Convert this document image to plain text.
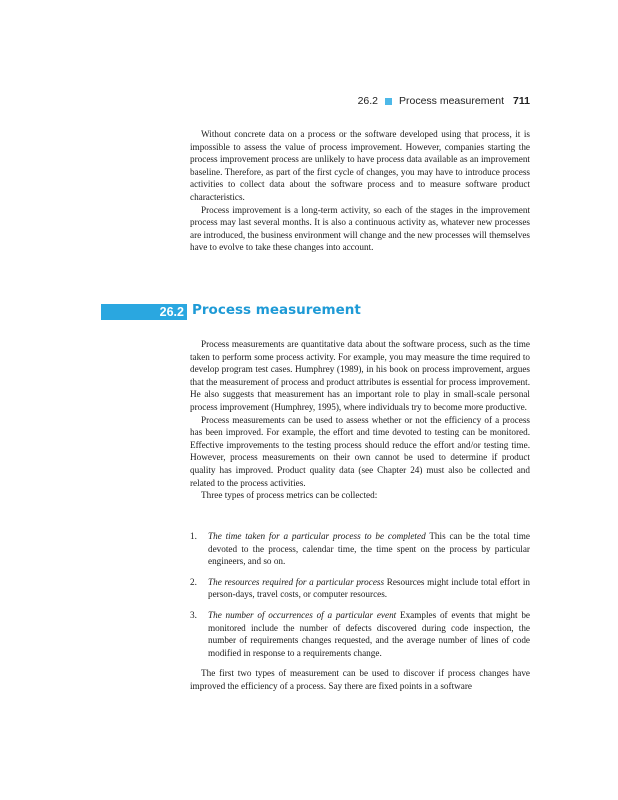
26.2 Process measurement 711

Without concrete data on a process or the software developed using that process, it is impossible to assess the value of process improvement. However, companies starting the process improvement process are unlikely to have process data available as an improvement baseline. Therefore, as part of the first cycle of changes, you may have to introduce process activities to collect data about the software process and to measure software product characteristics.

Process improvement is a long-term activity, so each of the stages in the improvement process may last several months. It is also a continuous activity as, whatever new processes are introduced, the business environment will change and the new processes will themselves have to evolve to take these changes into account.

26.2 Process measurement

Process measurements are quantitative data about the software process, such as the time taken to perform some process activity. For example, you may measure the time required to develop program test cases. Humphrey (1989), in his book on process improvement, argues that the measurement of process and product attributes is essential for process improvement. He also suggests that measurement has an important role to play in small-scale personal process improvement (Humphrey, 1995), where individuals try to become more productive.

Process measurements can be used to assess whether or not the efficiency of a process has been improved. For example, the effort and time devoted to testing can be monitored. Effective improvements to the testing process should reduce the effort and/or testing time. However, process measurements on their own cannot be used to determine if product quality has improved. Product quality data (see Chapter 24) must also be collected and related to the process activities.

Three types of process metrics can be collected:

1. The time taken for a particular process to be completed This can be the total time devoted to the process, calendar time, the time spent on the process by particular engineers, and so on.
2. The resources required for a particular process Resources might include total effort in person-days, travel costs, or computer resources.
3. The number of occurrences of a particular event Examples of events that might be monitored include the number of defects discovered during code inspection, the number of requirements changes requested, and the average number of lines of code modified in response to a requirements change.

The first two types of measurement can be used to discover if process changes have improved the efficiency of a process. Say there are fixed points in a software
